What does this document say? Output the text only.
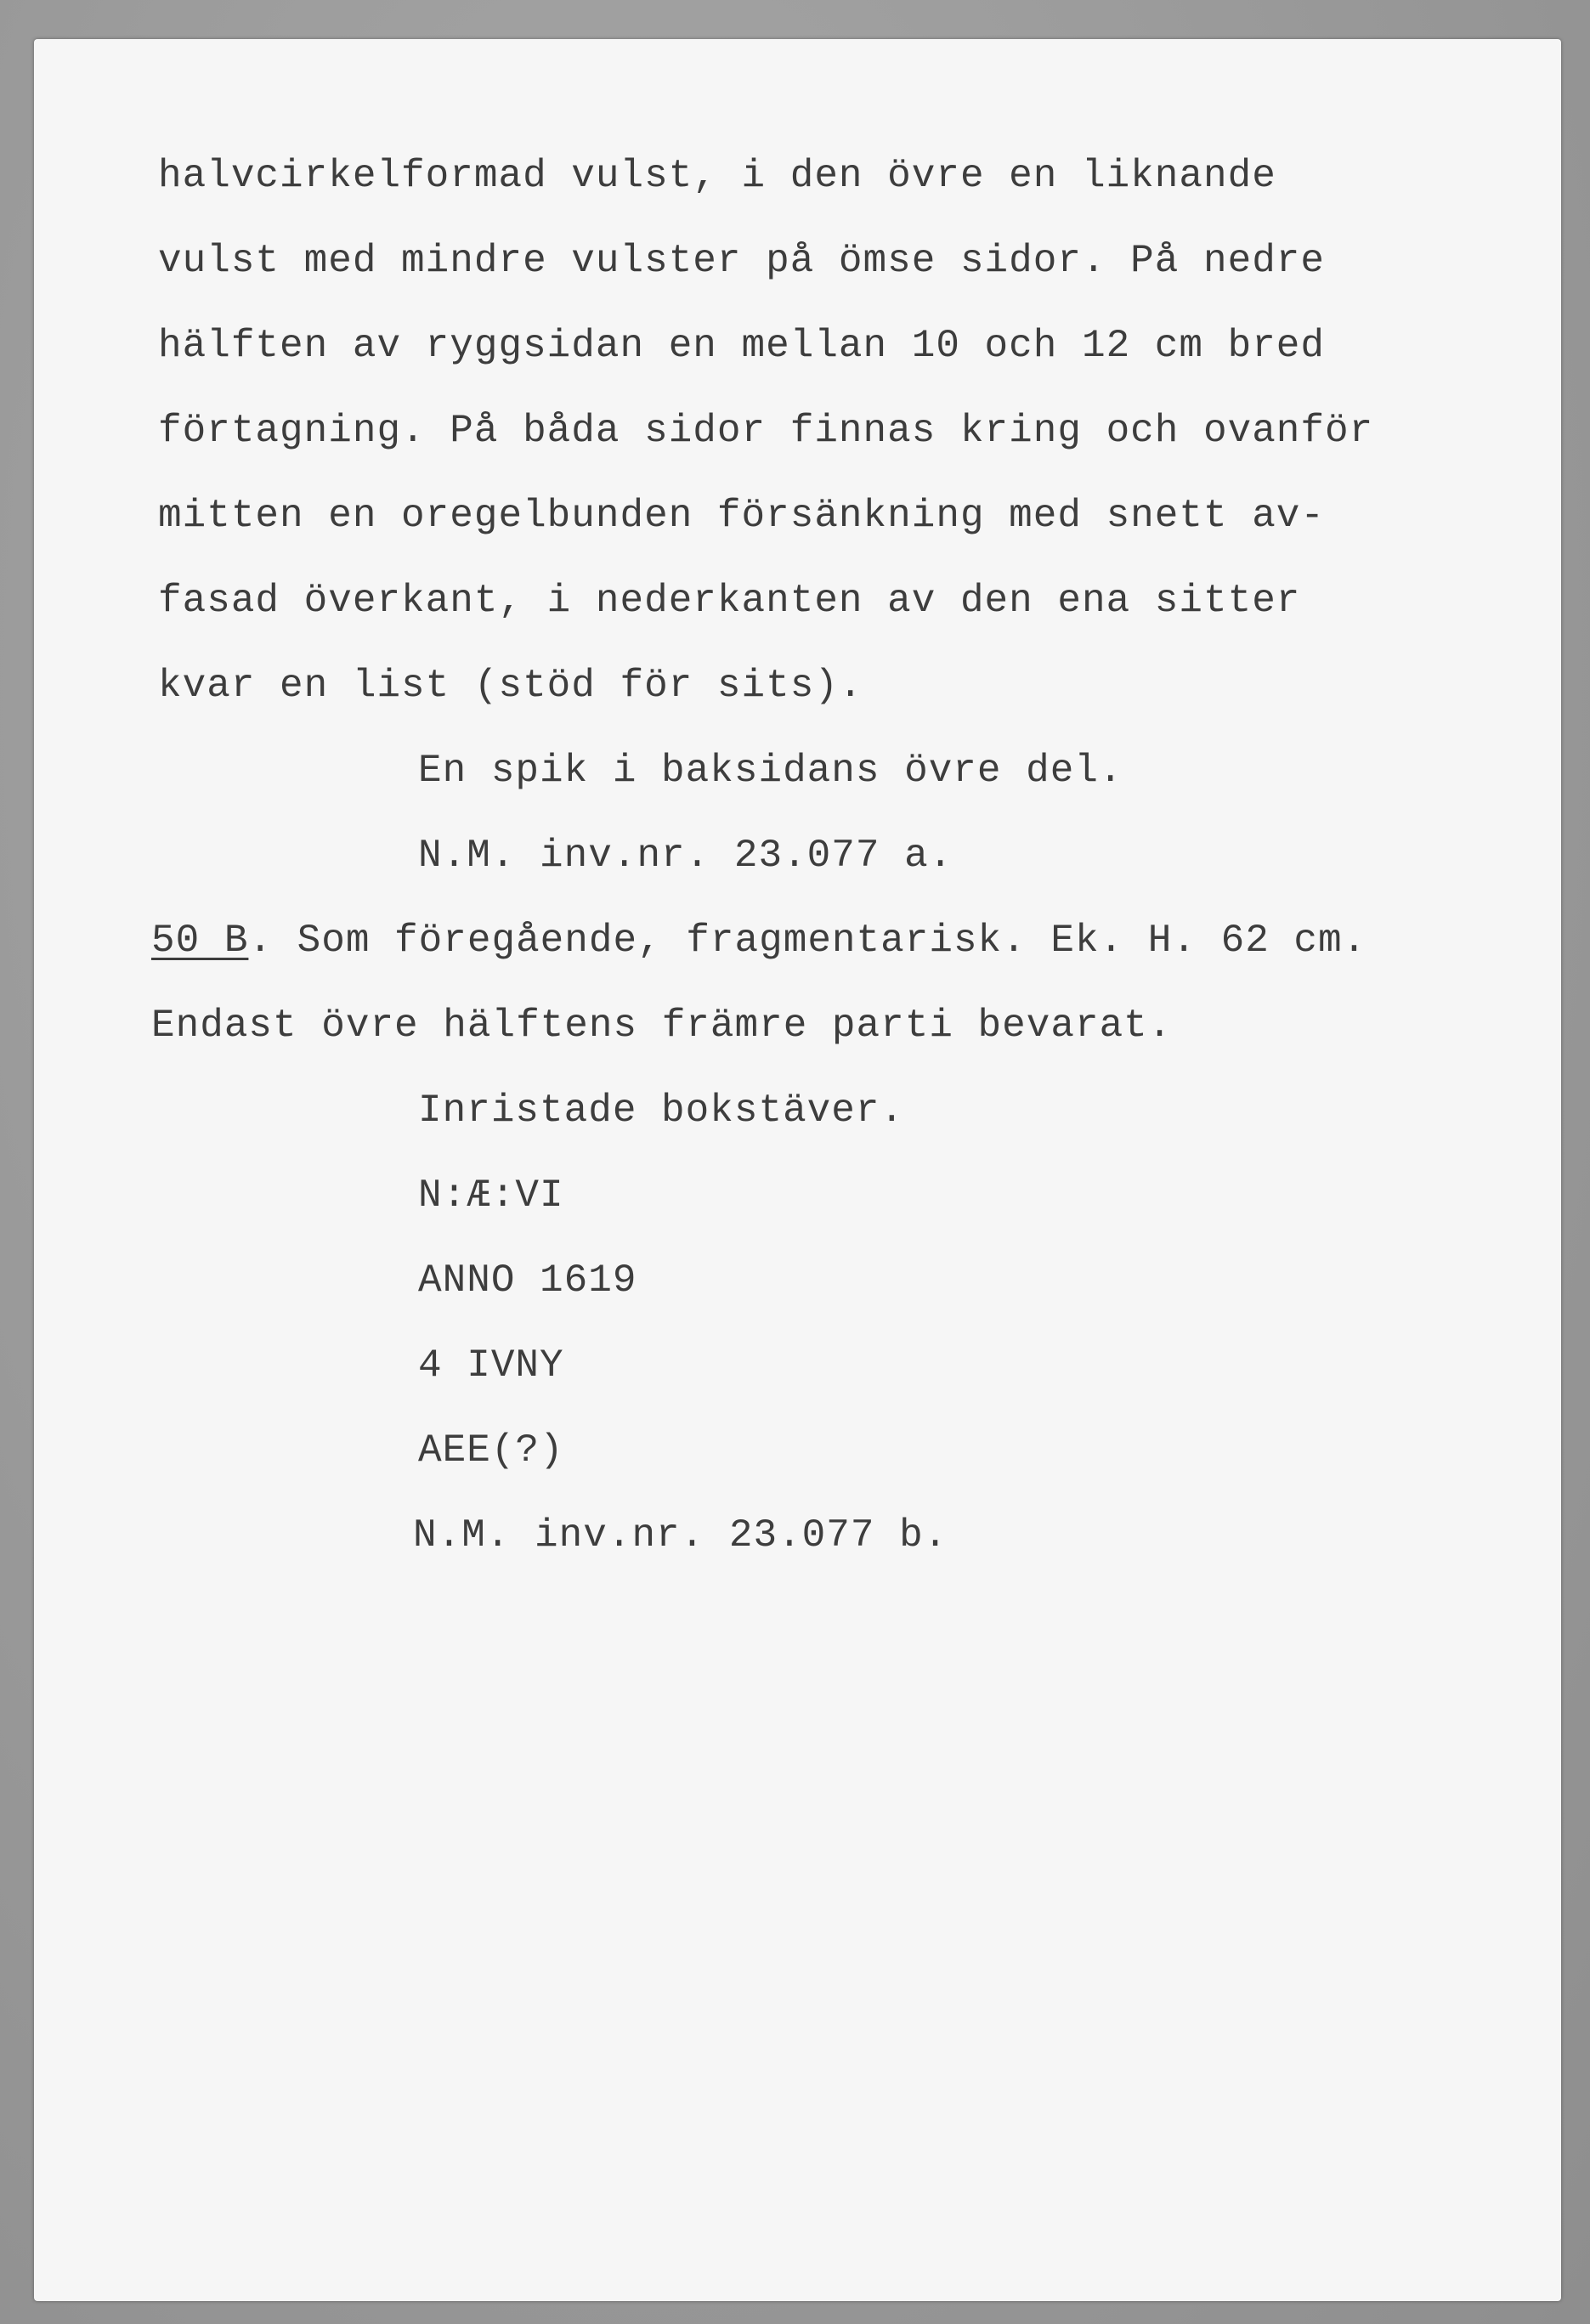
halvcirkelformad vulst, i den övre en liknande
vulst med mindre vulster på ömse sidor. På nedre
hälften av ryggsidan en mellan 10 och 12 cm bred
förtagning. På båda sidor finnas kring och ovanför
mitten en oregelbunden försänkning med snett av-
fasad överkant, i nederkanten av den ena sitter
kvar en list (stöd för sits).
En spik i baksidans övre del.
N.M. inv.nr. 23.077 a.
50 B. Som föregående, fragmentarisk. Ek. H. 62 cm.
Endast övre hälftens främre parti bevarat.
Inristade bokstäver.
N:Æ:VI
ANNO 1619
4 IVNY
AEE(?)
N.M. inv.nr. 23.077 b.
